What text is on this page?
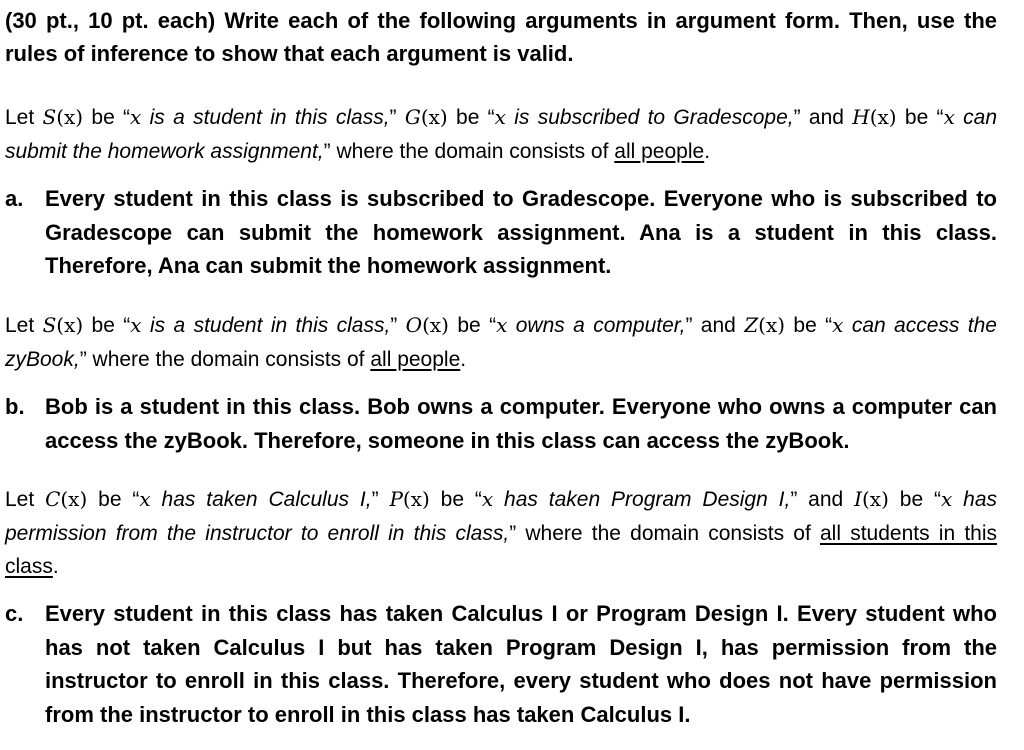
(30 pt., 10 pt. each) Write each of the following arguments in argument form. Then, use the rules of inference to show that each argument is valid.
Let S(x) be “x is a student in this class,” G(x) be “x is subscribed to Gradescope,” and H(x) be “x can submit the homework assignment,” where the domain consists of all people.
a. Every student in this class is subscribed to Gradescope. Everyone who is subscribed to Gradescope can submit the homework assignment. Ana is a student in this class. Therefore, Ana can submit the homework assignment.
Let S(x) be “x is a student in this class,” O(x) be “x owns a computer,” and Z(x) be “x can access the zyBook,” where the domain consists of all people.
b. Bob is a student in this class. Bob owns a computer. Everyone who owns a computer can access the zyBook. Therefore, someone in this class can access the zyBook.
Let C(x) be “x has taken Calculus I,” P(x) be “x has taken Program Design I,” and I(x) be “x has permission from the instructor to enroll in this class,” where the domain consists of all students in this class.
c. Every student in this class has taken Calculus I or Program Design I. Every student who has not taken Calculus I but has taken Program Design I, has permission from the instructor to enroll in this class. Therefore, every student who does not have permission from the instructor to enroll in this class has taken Calculus I.
